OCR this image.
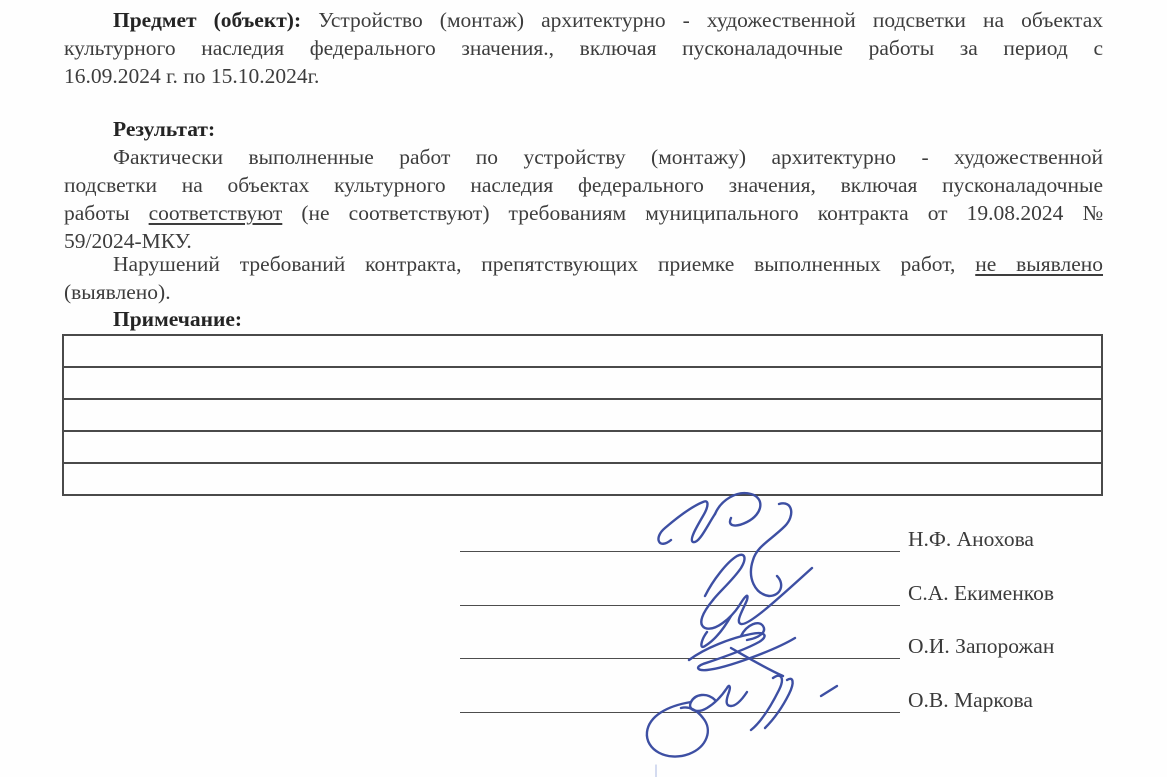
Предмет (объект): Устройство (монтаж) архитектурно - художественной подсветки на объектах
культурного наследия федерального значения., включая пусконаладочные работы за период с
16.09.2024 г. по 15.10.2024г.
Результат:
Фактически выполненные работ по устройству (монтажу) архитектурно - художественной
подсветки на объектах культурного наследия федерального значения, включая пусконаладочные
работы соответствуют (не соответствуют) требованиям муниципального контракта от 19.08.2024 №
59/2024-МКУ.
Нарушений требований контракта, препятствующих приемке выполненных работ, не выявлено
(выявлено).
Примечание:
Н.Ф. Анохова
С.А. Екименков
О.И. Запорожан
О.В. Маркова
